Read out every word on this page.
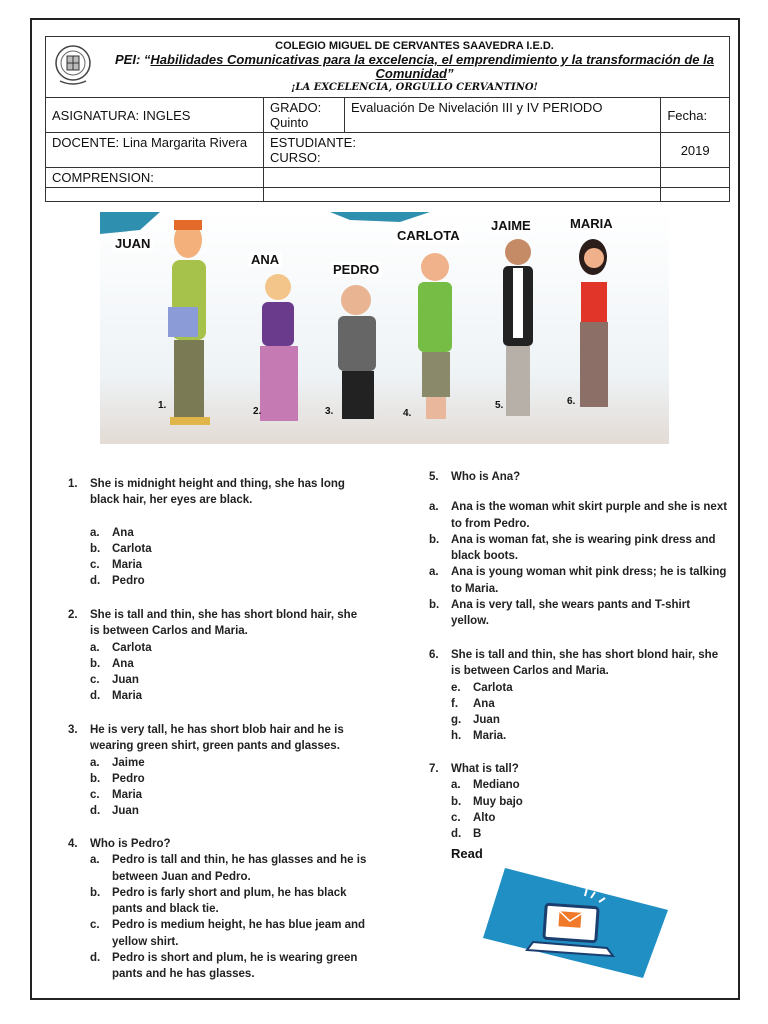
COLEGIO MIGUEL DE CERVANTES SAAVEDRA I.E.D.
PEI: “Habilidades Comunicativas para la excelencia, el emprendimiento y la transformación de la Comunidad”
¡LA EXCELENCIA, ORGULLO CERVANTINO!			

ASIGNATURA: INGLES	GRADO: Quinto	Evaluación De Nivelación III y IV PERIODO	Fecha:
DOCENTE: Lina Margarita Rivera	ESTUDIANTE:
CURSO:		2019
COMPRENSION:			

JUAN
ANA
PEDRO
CARLOTA
JAIME	MARIA
1.
2.	3.	4.
5.	6.
1.	She is midnight height and thing, she has long black hair, her eyes are black.
a.	Ana
b.	Carlota
c.	Maria
d.	Pedro
2.	She is tall and thin, she has short blond hair, she is between Carlos and Maria.
a.	Carlota
b.	Ana
c.	Juan
d.	Maria
3.	He is very tall, he has short blob hair and he is wearing green shirt, green pants and glasses.
a.	Jaime
b.	Pedro
c.	Maria
d.	Juan
4.	Who is Pedro?
a.	Pedro is tall and thin, he has glasses and he is between Juan and Pedro.
b.	Pedro is farly short and plum, he has black pants and black tie.
c.	Pedro is medium height, he has blue jeam and yellow shirt.
d.	Pedro is short and plum, he is wearing green pants and he has glasses.
5.	Who is Ana?
a.	Ana is the woman whit skirt purple and she is next to from Pedro.
b.	Ana is woman fat, she is wearing pink dress and black boots.
a.	Ana is young woman whit pink dress; he is talking to Maria.
b.	Ana is very tall, she wears pants and T-shirt yellow.
6.	She is tall and thin, she has short blond hair, she is between Carlos and Maria.
e.	Carlota
f.	Ana
g.	Juan
h.	Maria.
7.	What is tall?
a.	Mediano
b.	Muy bajo
c.	Alto
d.	B
Read
